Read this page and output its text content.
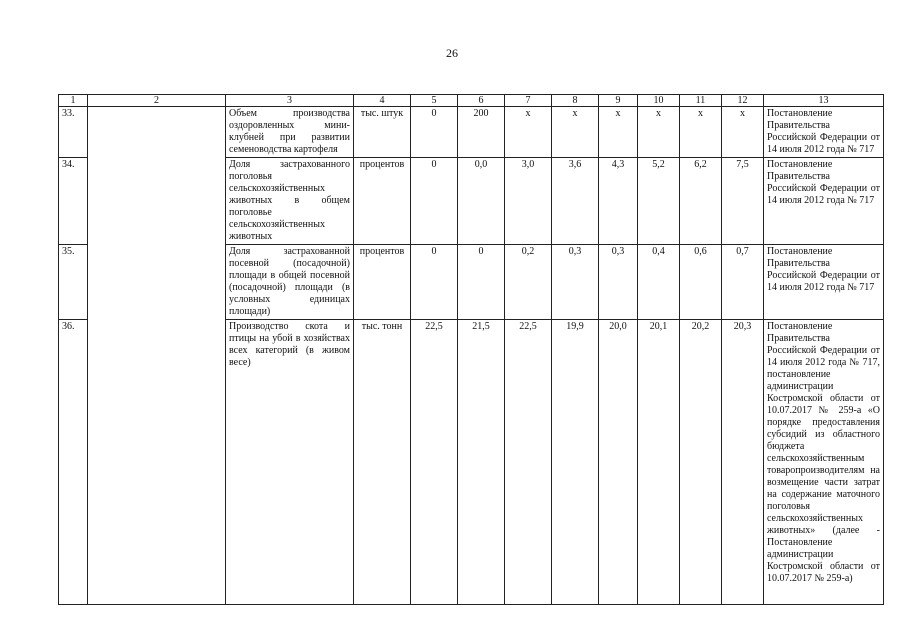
26
1	2	3	4	5	6	7	8	9	10	11	12	13
33.		Объем производства оздоровленных мини-клубней при развитии семеноводства картофеля	тыс. штук	0	200	x	x	x	x	x	x	Постановление Правительства Российской Федерации от 14 июля 2012 года № 717
34.		Доля застрахованного поголовья сельскохозяйственных животных в общем поголовье сельскохозяйственных животных	процентов	0	0,0	3,0	3,6	4,3	5,2	6,2	7,5	Постановление Правительства Российской Федерации от 14 июля 2012 года № 717
35.		Доля застрахованной посевной (посадочной) площади в общей посевной (посадочной) площади (в условных единицах площади)	процентов	0	0	0,2	0,3	0,3	0,4	0,6	0,7	Постановление Правительства Российской Федерации от 14 июля 2012 года № 717
36.		Производство скота и птицы на убой в хозяйствах всех категорий (в живом весе)	тыс. тонн	22,5	21,5	22,5	19,9	20,0	20,1	20,2	20,3	Постановление Правительства Российской Федерации от 14 июля 2012 года № 717, постановление администрации Костромской области от 10.07.2017 № 259-а «О порядке предоставления субсидий из областного бюджета сельскохозяйственным товаропроизводителям на возмещение части затрат на содержание маточного поголовья сельскохозяйственных животных» (далее - Постановление администрации Костромской области от 10.07.2017 № 259-а)
